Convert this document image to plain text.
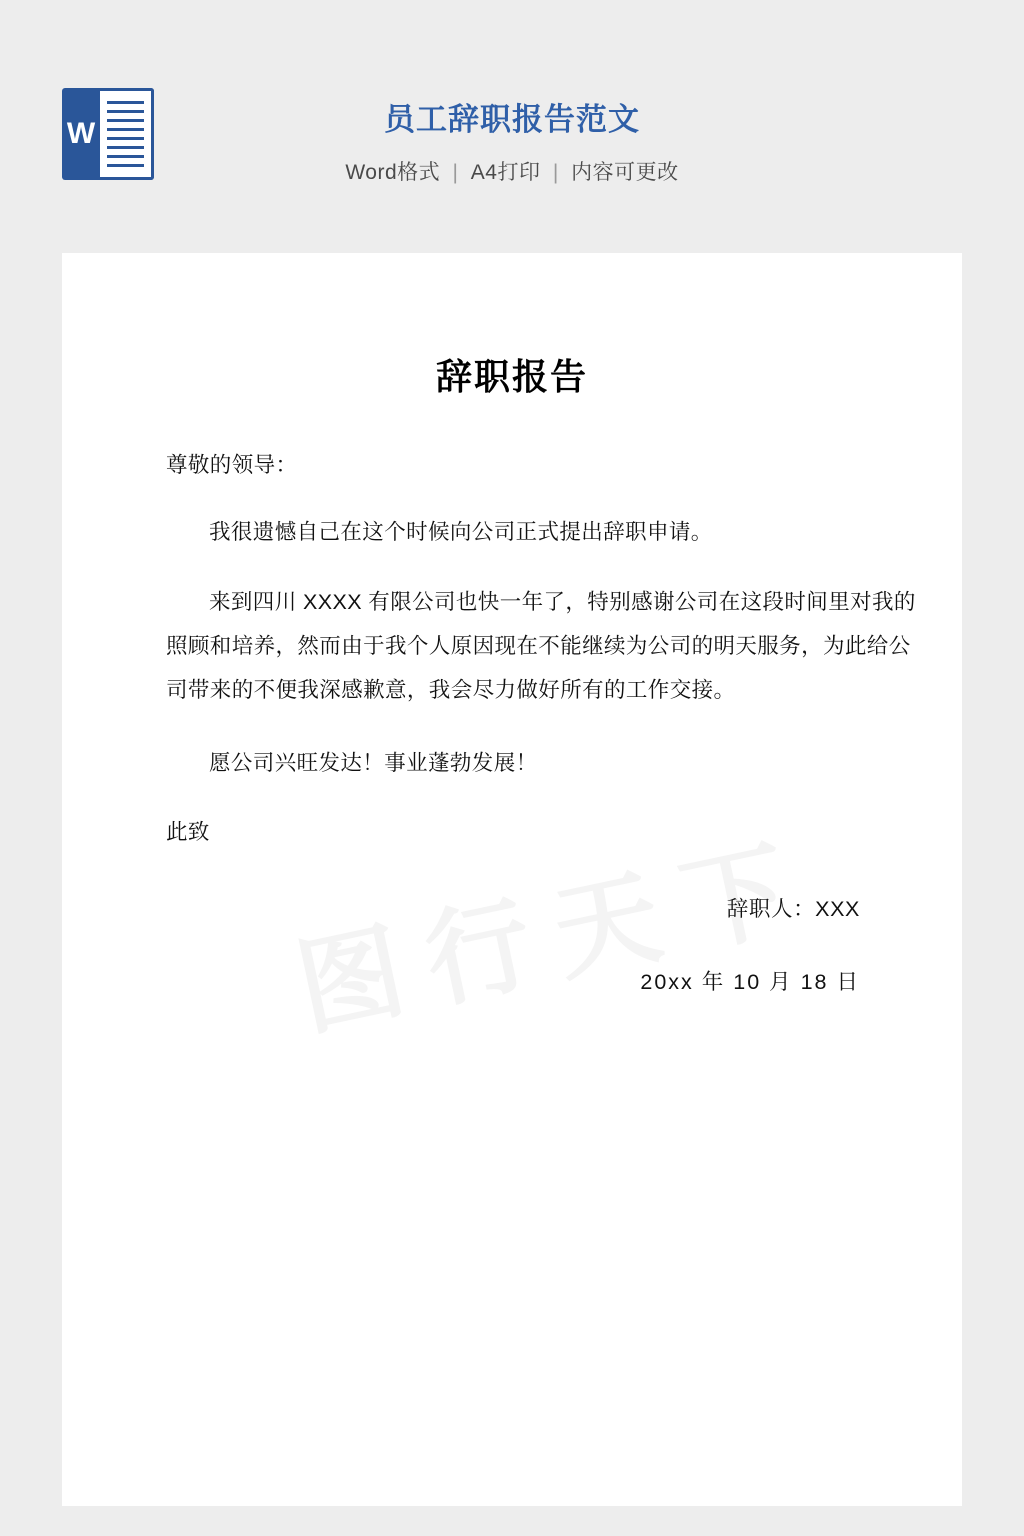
W	员工辞职报告范文
Word格式 | A4打印 | 内容可更改
辞职报告

尊敬的领导：

我很遗憾自己在这个时候向公司正式提出辞职申请。

来到四川 XXXX 有限公司也快一年了，特别感谢公司在这段时间里对我的照顾和培养，然而由于我个人原因现在不能继续为公司的明天服务，为此给公司带来的不便我深感歉意，我会尽力做好所有的工作交接。

愿公司兴旺发达！事业蓬勃发展！

此致

辞职人：XXX
20xx 年 10 月 18 日
